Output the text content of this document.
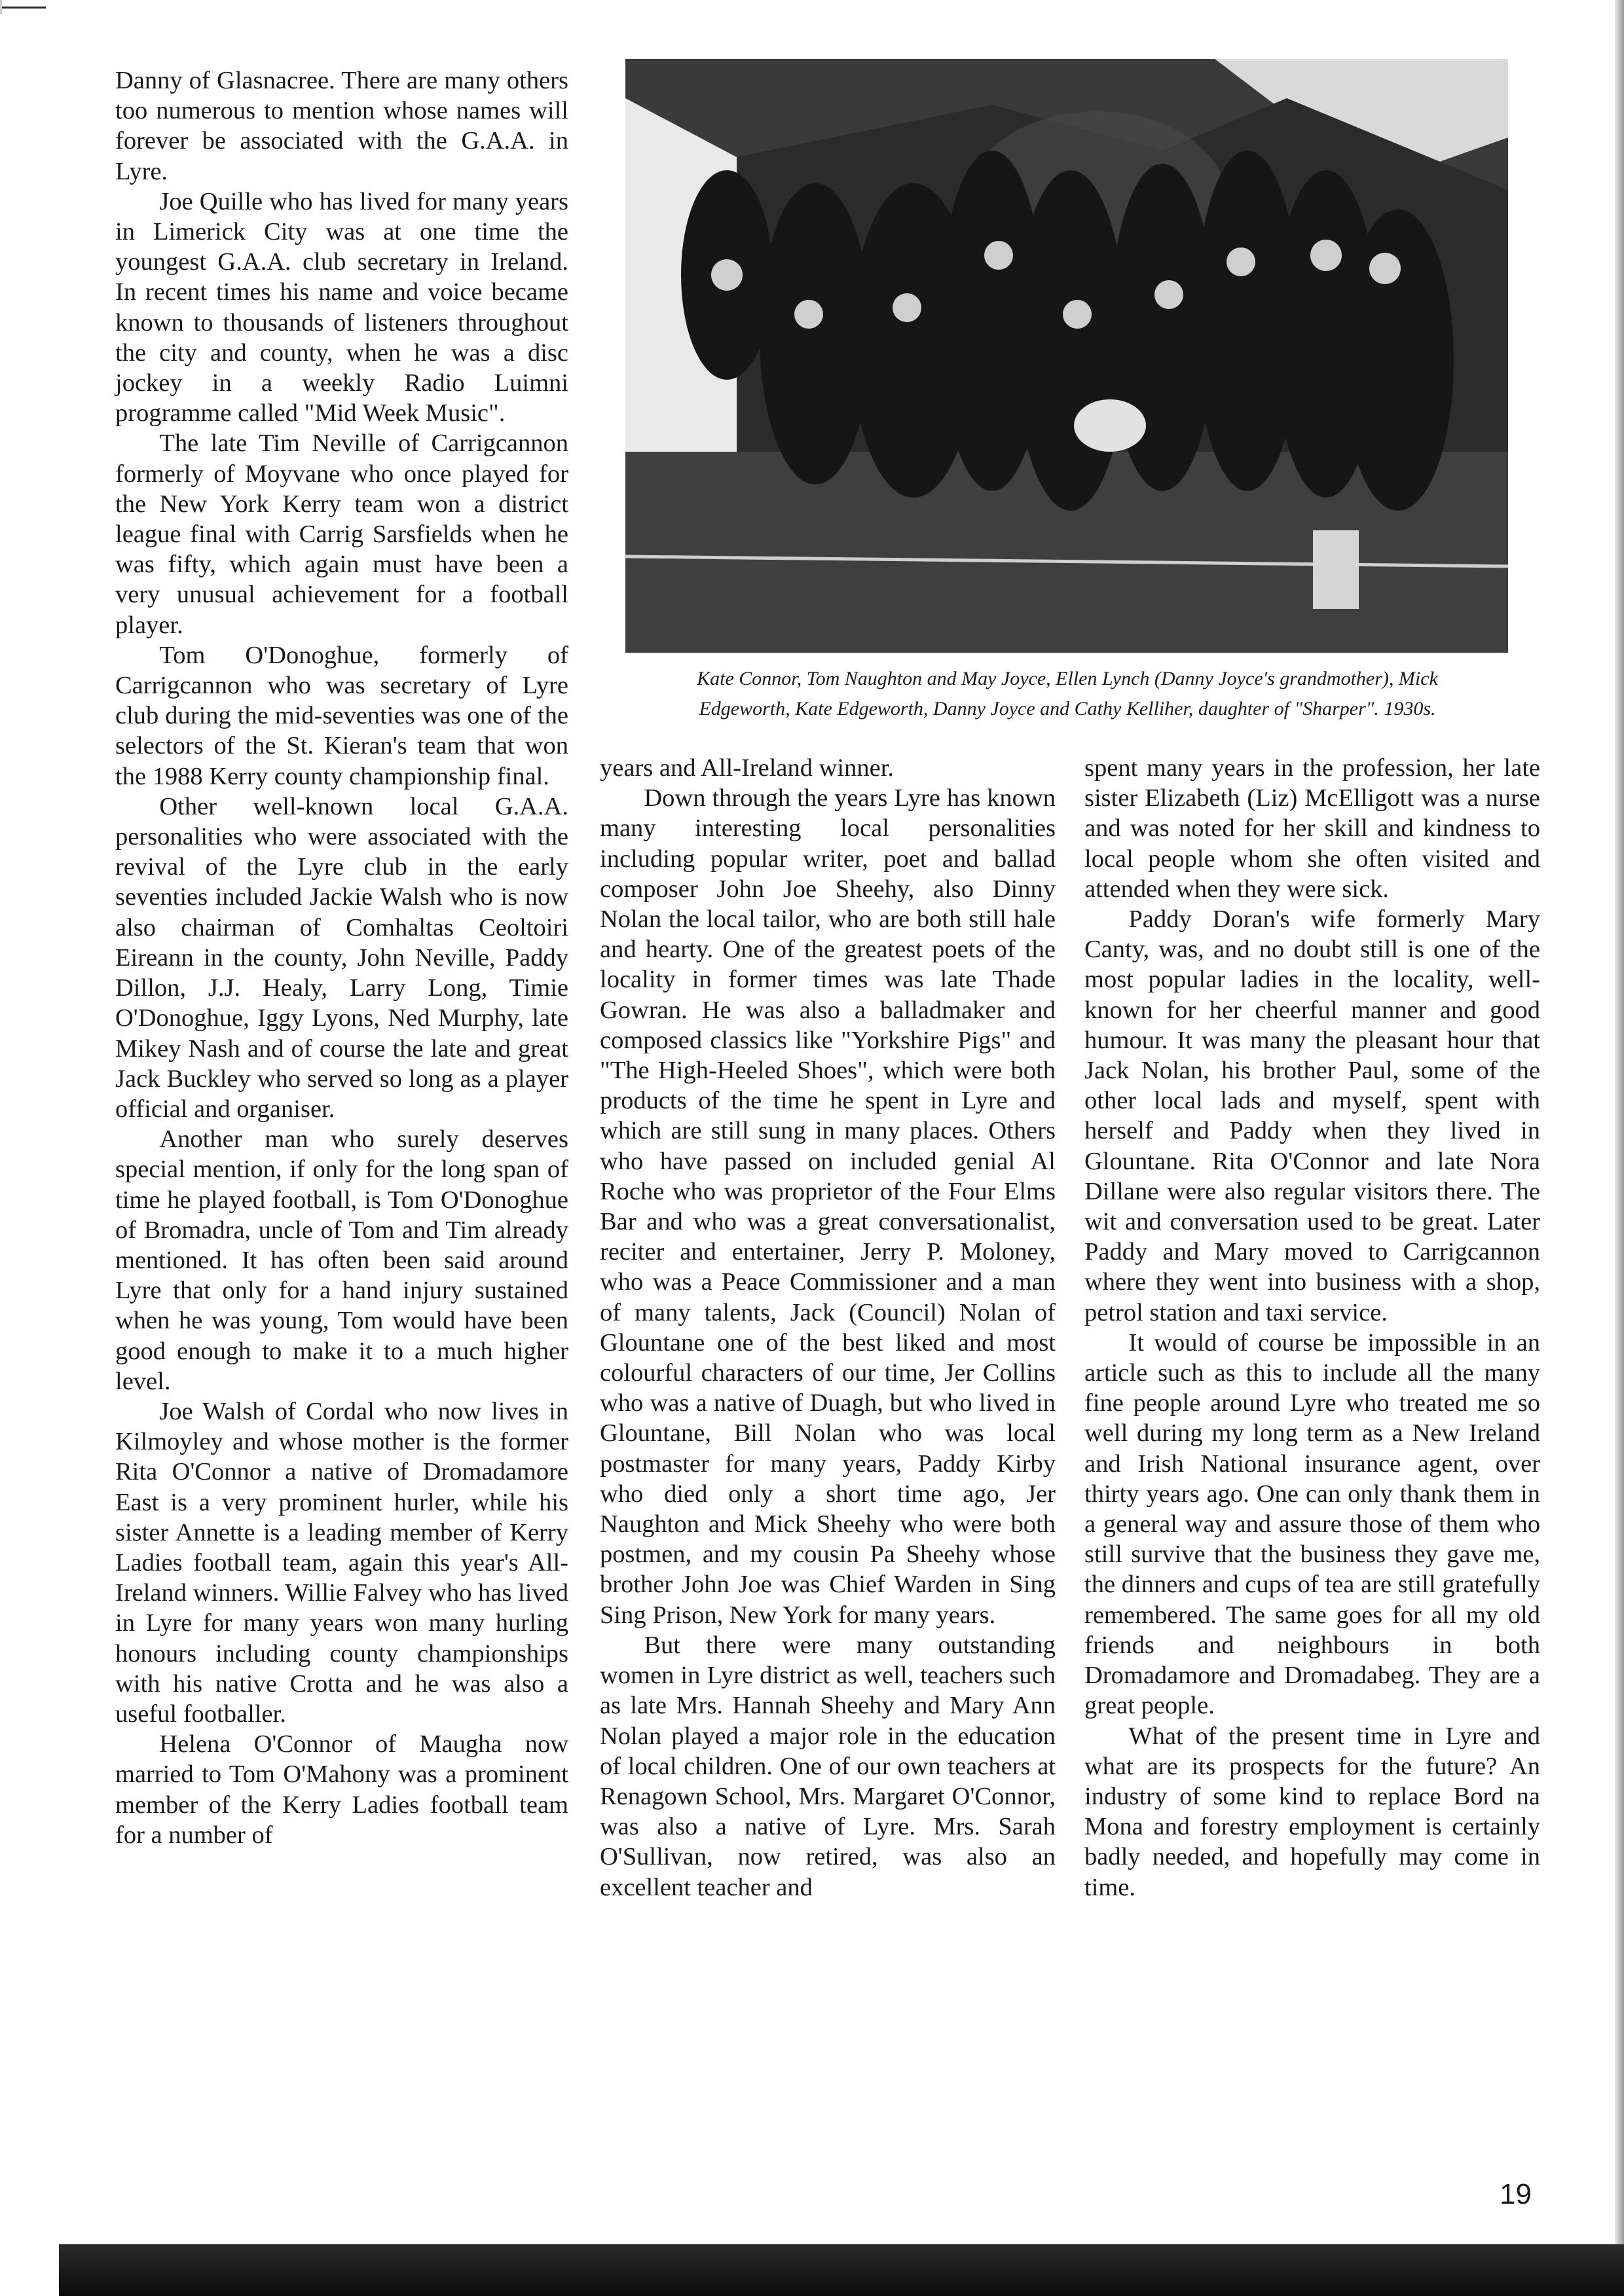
Danny of Glasnacree. There are many others too numerous to mention whose names will forever be associated with the G.A.A. in Lyre.

Joe Quille who has lived for many years in Limerick City was at one time the youngest G.A.A. club secretary in Ireland. In recent times his name and voice became known to thousands of listeners throughout the city and county, when he was a disc jockey in a weekly Radio Luimni programme called "Mid Week Music".

The late Tim Neville of Carrigcannon formerly of Moyvane who once played for the New York Kerry team won a district league final with Carrig Sarsfields when he was fifty, which again must have been a very unusual achievement for a football player.

Tom O'Donoghue, formerly of Carrigcannon who was secretary of Lyre club during the mid-seventies was one of the selectors of the St. Kieran's team that won the 1988 Kerry county championship final.

Other well-known local G.A.A. personalities who were associated with the revival of the Lyre club in the early seventies included Jackie Walsh who is now also chairman of Comhaltas Ceoltoiri Eireann in the county, John Neville, Paddy Dillon, J.J. Healy, Larry Long, Timie O'Donoghue, Iggy Lyons, Ned Murphy, late Mikey Nash and of course the late and great Jack Buckley who served so long as a player official and organiser.

Another man who surely deserves special mention, if only for the long span of time he played football, is Tom O'Donoghue of Bromadra, uncle of Tom and Tim already mentioned. It has often been said around Lyre that only for a hand injury sustained when he was young, Tom would have been good enough to make it to a much higher level.

Joe Walsh of Cordal who now lives in Kilmoyley and whose mother is the former Rita O'Connor a native of Dromadamore East is a very prominent hurler, while his sister Annette is a leading member of Kerry Ladies football team, again this year's All-Ireland winners. Willie Falvey who has lived in Lyre for many years won many hurling honours including county championships with his native Crotta and he was also a useful footballer.

Helena O'Connor of Maugha now married to Tom O'Mahony was a prominent member of the Kerry Ladies football team for a number of

Kate Connor, Tom Naughton and May Joyce, Ellen Lynch (Danny Joyce's grandmother), Mick
Edgeworth, Kate Edgeworth, Danny Joyce and Cathy Kelliher, daughter of "Sharper". 1930s.

years and All-Ireland winner.

Down through the years Lyre has known many interesting local personalities including popular writer, poet and ballad composer John Joe Sheehy, also Dinny Nolan the local tailor, who are both still hale and hearty. One of the greatest poets of the locality in former times was late Thade Gowran. He was also a balladmaker and composed classics like "Yorkshire Pigs" and "The High-Heeled Shoes", which were both products of the time he spent in Lyre and which are still sung in many places. Others who have passed on included genial Al Roche who was proprietor of the Four Elms Bar and who was a great conversationalist, reciter and entertainer, Jerry P. Moloney, who was a Peace Commissioner and a man of many talents, Jack (Council) Nolan of Glountane one of the best liked and most colourful characters of our time, Jer Collins who was a native of Duagh, but who lived in Glountane, Bill Nolan who was local postmaster for many years, Paddy Kirby who died only a short time ago, Jer Naughton and Mick Sheehy who were both postmen, and my cousin Pa Sheehy whose brother John Joe was Chief Warden in Sing Sing Prison, New York for many years.

But there were many outstanding women in Lyre district as well, teachers such as late Mrs. Hannah Sheehy and Mary Ann Nolan played a major role in the education of local children. One of our own teachers at Renagown School, Mrs. Margaret O'Connor, was also a native of Lyre. Mrs. Sarah O'Sullivan, now retired, was also an excellent teacher and

spent many years in the profession, her late sister Elizabeth (Liz) McElligott was a nurse and was noted for her skill and kindness to local people whom she often visited and attended when they were sick.

Paddy Doran's wife formerly Mary Canty, was, and no doubt still is one of the most popular ladies in the locality, well-known for her cheerful manner and good humour. It was many the pleasant hour that Jack Nolan, his brother Paul, some of the other local lads and myself, spent with herself and Paddy when they lived in Glountane. Rita O'Connor and late Nora Dillane were also regular visitors there. The wit and conversation used to be great. Later Paddy and Mary moved to Carrigcannon where they went into business with a shop, petrol station and taxi service.

It would of course be impossible in an article such as this to include all the many fine people around Lyre who treated me so well during my long term as a New Ireland and Irish National insurance agent, over thirty years ago. One can only thank them in a general way and assure those of them who still survive that the business they gave me, the dinners and cups of tea are still gratefully remembered. The same goes for all my old friends and neighbours in both Dromadamore and Dromadabeg. They are a great people.

What of the present time in Lyre and what are its prospects for the future? An industry of some kind to replace Bord na Mona and forestry employment is certainly badly needed, and hopefully may come in time.

19
